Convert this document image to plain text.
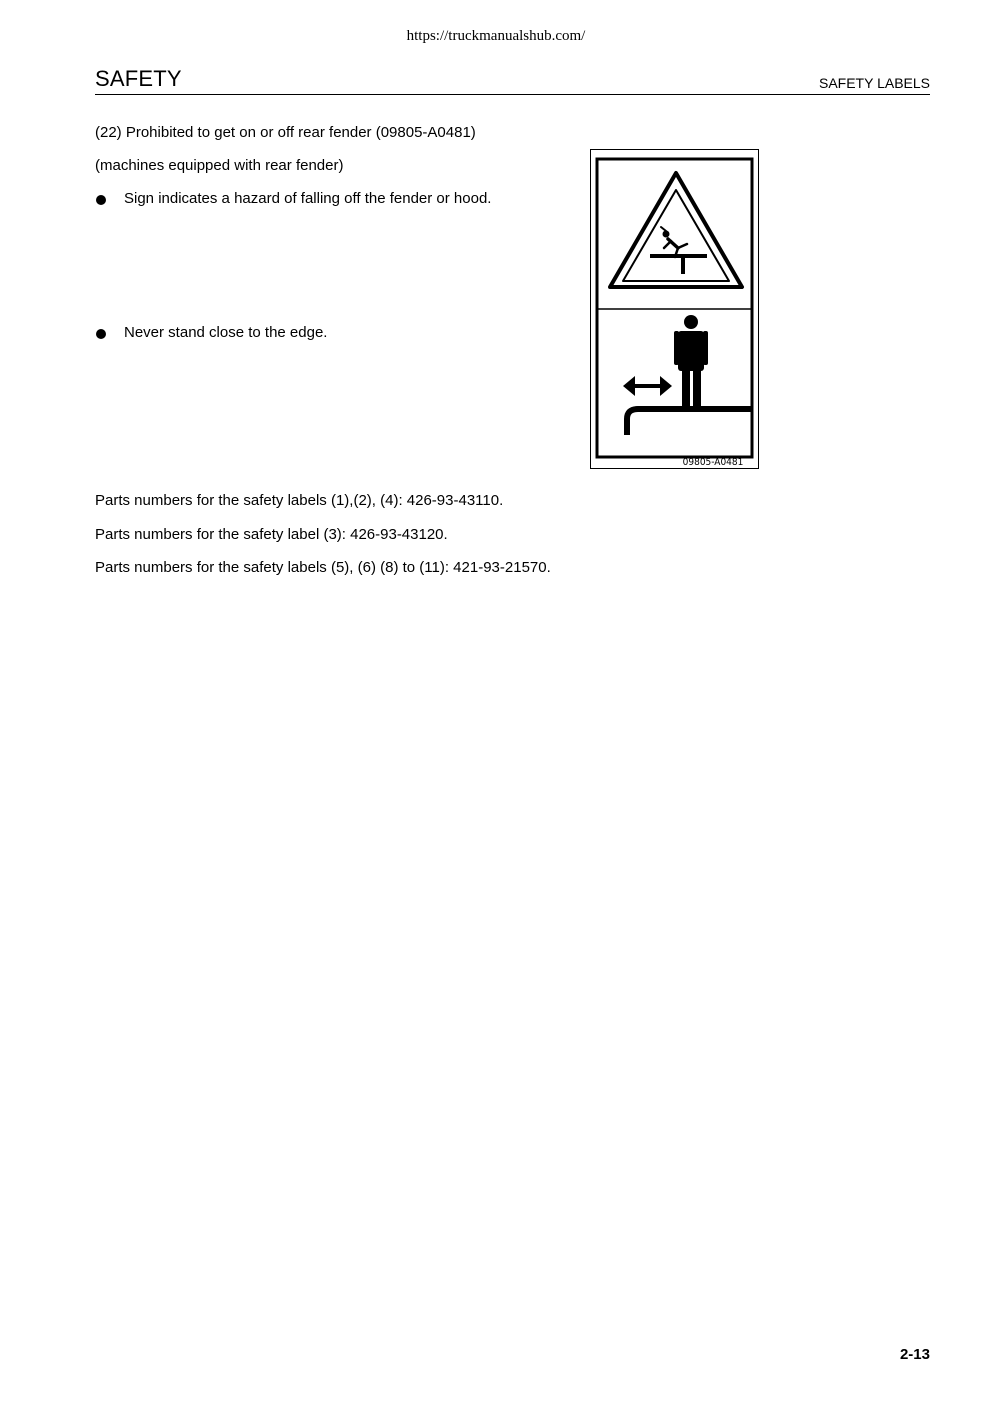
https://truckmanualshub.com/
SAFETY	SAFETY LABELS
(22) Prohibited to get on or off rear fender (09805-A0481)
(machines equipped with rear fender)
Sign indicates a hazard of falling off the fender or hood.
Never stand close to the edge.
09805-A0481
Parts numbers for the safety labels (1),(2), (4): 426-93-43110.
Parts numbers for the safety label (3): 426-93-43120.
Parts numbers for the safety labels (5), (6) (8) to (11): 421-93-21570.
2-13
